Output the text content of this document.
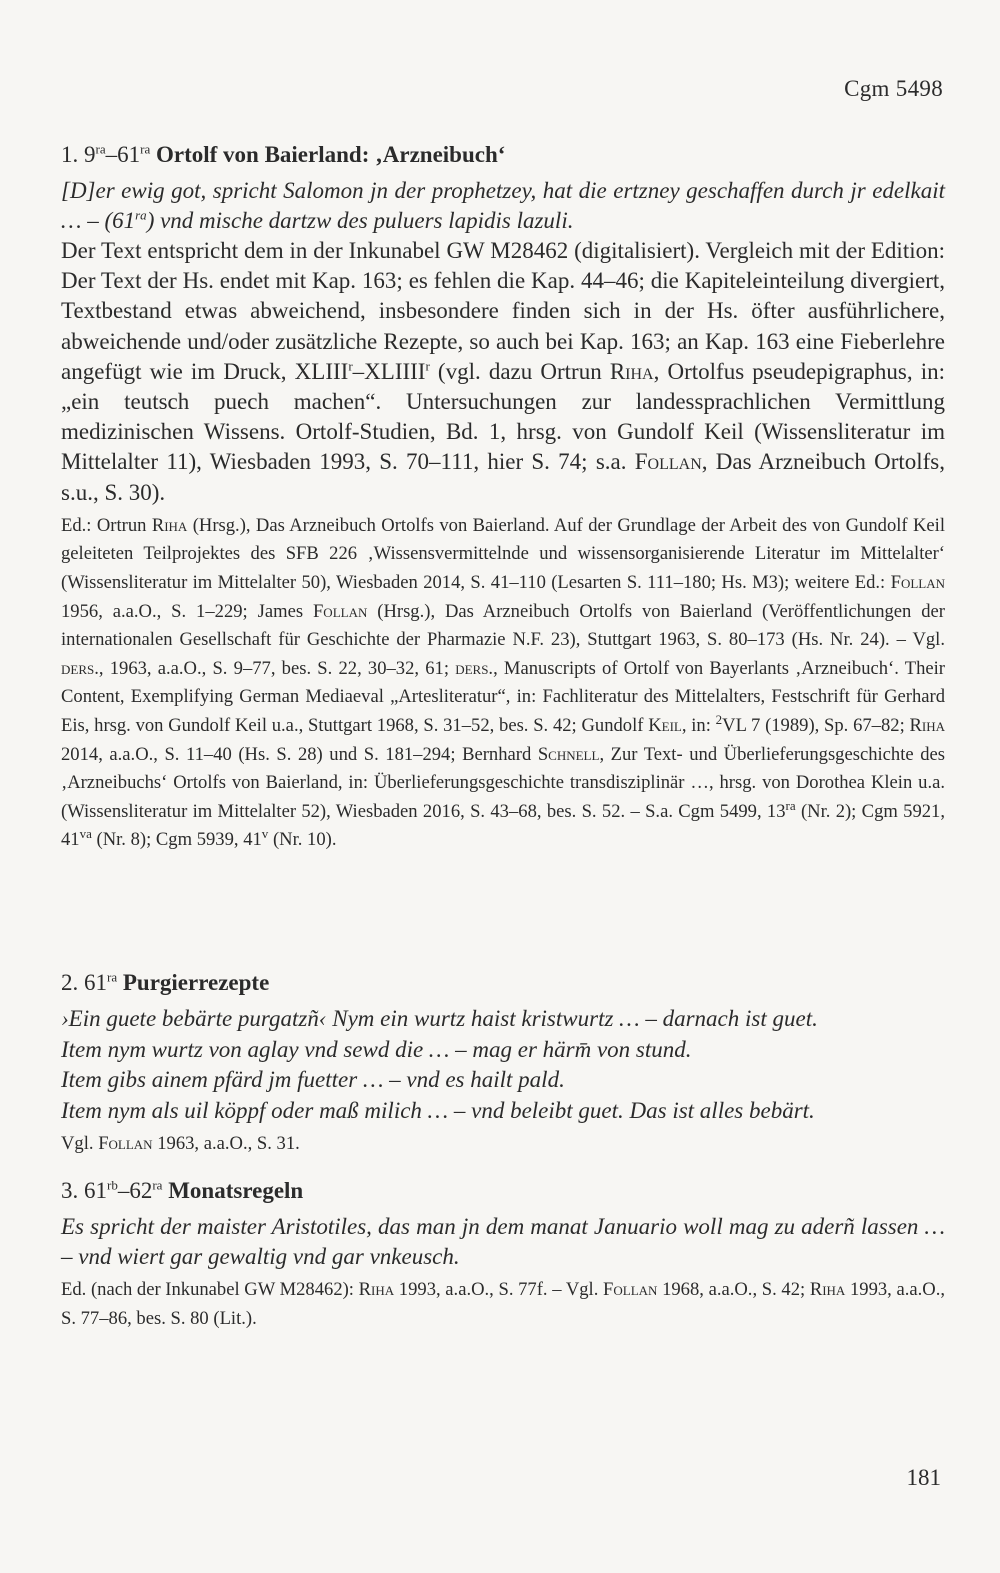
Cgm 5498

1. $9^{ra}-61^{ra}$ Ortolf von Baierland: ‚Arzneibuch‘

[D]er ewig got, spricht Salomon jn der prophetzey, hat die ertzney geschaffen durch jr edelkait … – $(61^{ra})$ vnd mische dartzw des puluers lapidis lazuli.

Der Text entspricht dem in der Inkunabel GW M28462 (digitalisiert). Vergleich mit der Edition: Der Text der Hs. endet mit Kap. 163; es fehlen die Kap. 44–46; die Kapiteleinteilung divergiert, Textbestand etwas abweichend, insbesondere finden sich in der Hs. öfter ausführlichere, abweichende und/oder zusätzliche Rezepte, so auch bei Kap. 163; an Kap. 163 eine Fieberlehre angefügt wie im Druck, XLIII$^r$–XLIIII$^r$ (vgl. dazu Ortrun Riha, Ortolfus pseudepigraphus, in: „ein teutsch puech machen“. Untersuchungen zur landessprachlichen Vermittlung medizinischen Wissens. Ortolf-Studien, Bd. 1, hrsg. von Gundolf Keil (Wissensliteratur im Mittelalter 11), Wiesbaden 1993, S. 70–111, hier S. 74; s.a. Follan, Das Arzneibuch Ortolfs, s.u., S. 30).

Ed.: Ortrun Riha (Hrsg.), Das Arzneibuch Ortolfs von Baierland. Auf der Grundlage der Arbeit des von Gundolf Keil geleiteten Teilprojektes des SFB 226 ‚Wissensvermittelnde und wissensorganisierende Literatur im Mittelalter‘ (Wissensliteratur im Mittelalter 50), Wiesbaden 2014, S. 41–110 (Lesarten S. 111–180; Hs. M3); weitere Ed.: Follan 1956, a.a.O., S. 1–229; James Follan (Hrsg.), Das Arzneibuch Ortolfs von Baierland (Veröffentlichungen der internationalen Gesellschaft für Geschichte der Pharmazie N.F. 23), Stuttgart 1963, S. 80–173 (Hs. Nr. 24). – Vgl. ders., 1963, a.a.O., S. 9–77, bes. S. 22, 30–32, 61; ders., Manuscripts of Ortolf von Bayerlants ‚Arzneibuch‘. Their Content, Exemplifying German Mediaeval „Artesliteratur“, in: Fachliteratur des Mittelalters, Festschrift für Gerhard Eis, hrsg. von Gundolf Keil u.a., Stuttgart 1968, S. 31–52, bes. S. 42; Gundolf Keil, in: $^2$VL 7 (1989), Sp. 67–82; Riha 2014, a.a.O., S. 11–40 (Hs. S. 28) und S. 181–294; Bernhard Schnell, Zur Text- und Überlieferungsgeschichte des ‚Arzneibuchs‘ Ortolfs von Baierland, in: Überlieferungsgeschichte transdisziplinär …, hrsg. von Dorothea Klein u.a. (Wissensliteratur im Mittelalter 52), Wiesbaden 2016, S. 43–68, bes. S. 52. – S.a. Cgm 5499, $13^{ra}$ (Nr. 2); Cgm 5921, $41^{va}$ (Nr. 8); Cgm 5939, 41$^v$ (Nr. 10).

2. $61^{ra}$ Purgierrezepte

›Ein guete bebärte purgatzñ‹ Nym ein wurtz haist kristwurtz … – darnach ist guet.

Item nym wurtz von aglay vnd sewd die … – mag er härm̄ von stund.

Item gibs ainem pfärd jm fuetter … – vnd es hailt pald.

Item nym als uil köppf oder maß milich … – vnd beleibt guet. Das ist alles bebärt.

Vgl. Follan 1963, a.a.O., S. 31.

3. $61^{rb}-62^{ra}$ Monatsregeln

Es spricht der maister Aristotiles, das man jn dem manat Januario woll mag zu aderñ lassen … – vnd wiert gar gewaltig vnd gar vnkeusch.

Ed. (nach der Inkunabel GW M28462): Riha 1993, a.a.O., S. 77f. – Vgl. Follan 1968, a.a.O., S. 42; Riha 1993, a.a.O., S. 77–86, bes. S. 80 (Lit.).

181
